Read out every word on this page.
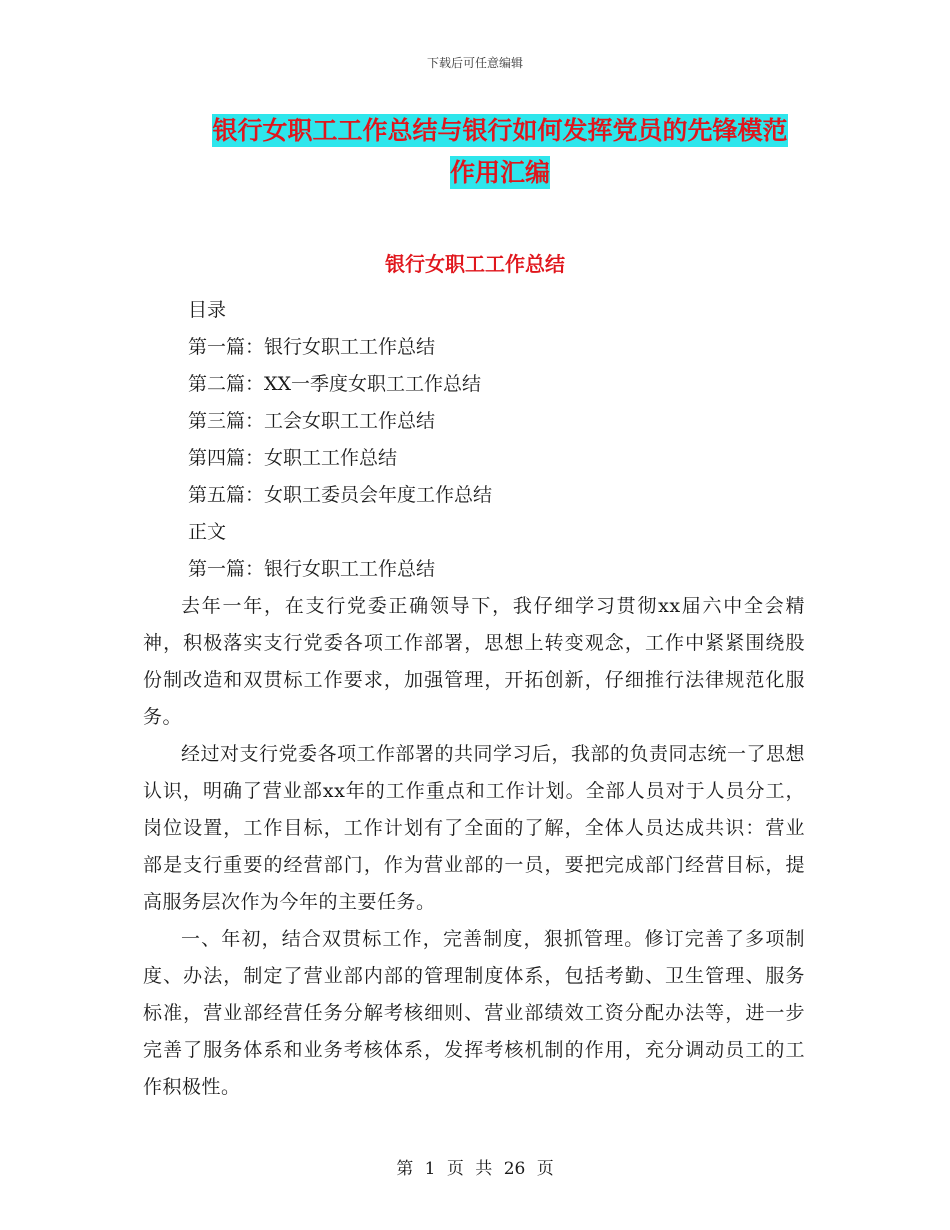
下载后可任意编辑
银行女职工工作总结与银行如何发挥党员的先锋模范
作用汇编
银行女职工工作总结
目录
第一篇：银行女职工工作总结
第二篇：XX一季度女职工工作总结
第三篇：工会女职工工作总结
第四篇：女职工工作总结
第五篇：女职工委员会年度工作总结
正文
第一篇：银行女职工工作总结

去年一年，在支行党委正确领导下，我仔细学习贯彻xx届六中全会精神，积极落实支行党委各项工作部署，思想上转变观念，工作中紧紧围绕股份制改造和双贯标工作要求，加强管理，开拓创新，仔细推行法律规范化服务。

经过对支行党委各项工作部署的共同学习后，我部的负责同志统一了思想认识，明确了营业部xx年的工作重点和工作计划。全部人员对于人员分工，岗位设置，工作目标，工作计划有了全面的了解，全体人员达成共识：营业部是支行重要的经营部门，作为营业部的一员，要把完成部门经营目标，提高服务层次作为今年的主要任务。

一、年初，结合双贯标工作，完善制度，狠抓管理。修订完善了多项制度、办法，制定了营业部内部的管理制度体系，包括考勤、卫生管理、服务标准，营业部经营任务分解考核细则、营业部绩效工资分配办法等，进一步完善了服务体系和业务考核体系，发挥考核机制的作用，充分调动员工的工作积极性。

第 1 页 共 26 页
